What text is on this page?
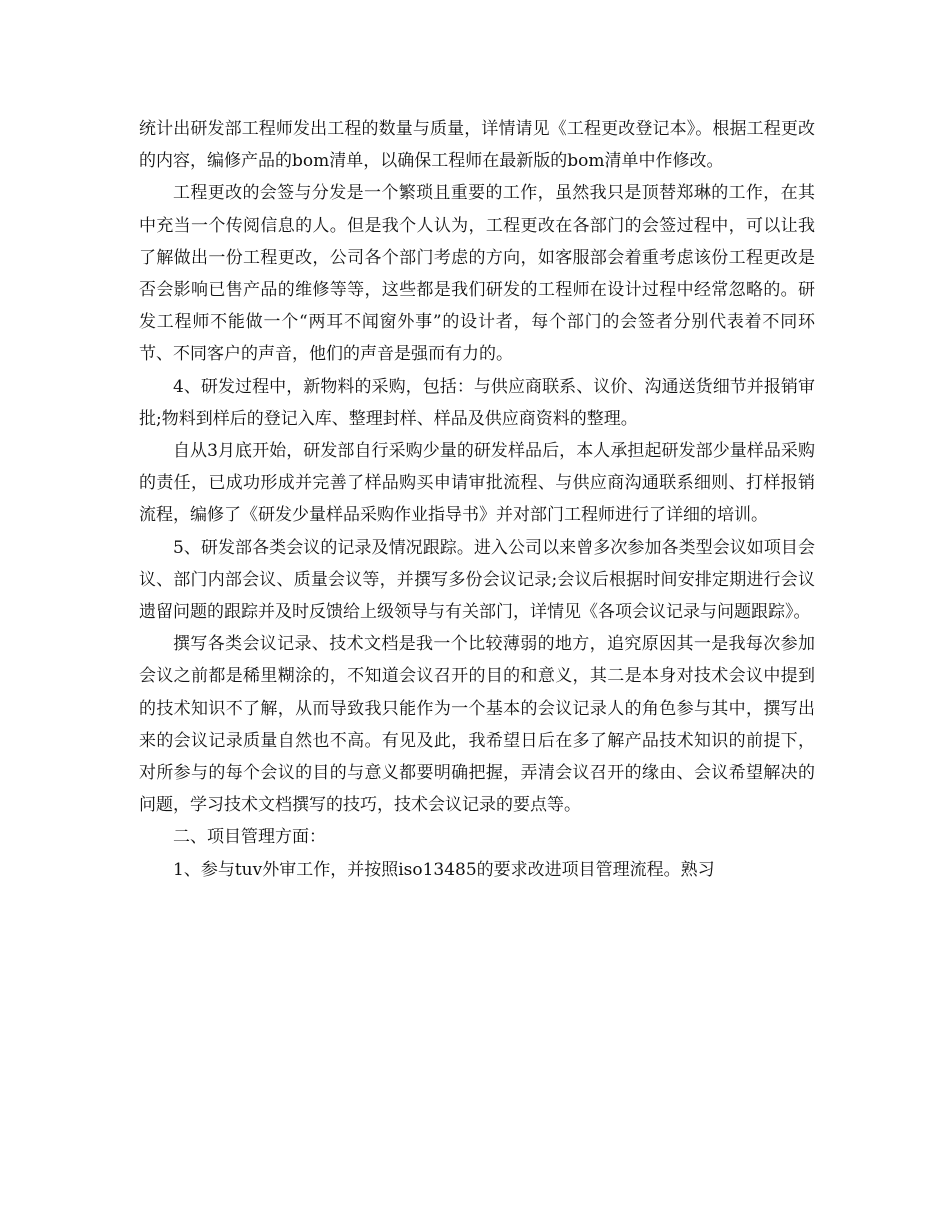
统计出研发部工程师发出工程的数量与质量，详情请见《工程更改登记本》。根据工程更改的内容，编修产品的bom清单，以确保工程师在最新版的bom清单中作修改。

工程更改的会签与分发是一个繁琐且重要的工作，虽然我只是顶替郑琳的工作，在其中充当一个传阅信息的人。但是我个人认为，工程更改在各部门的会签过程中，可以让我了解做出一份工程更改，公司各个部门考虑的方向，如客服部会着重考虑该份工程更改是否会影响已售产品的维修等等，这些都是我们研发的工程师在设计过程中经常忽略的。研发工程师不能做一个“两耳不闻窗外事”的设计者，每个部门的会签者分别代表着不同环节、不同客户的声音，他们的声音是强而有力的。

4、研发过程中，新物料的采购，包括：与供应商联系、议价、沟通送货细节并报销审批;物料到样后的登记入库、整理封样、样品及供应商资料的整理。

自从3月底开始，研发部自行采购少量的研发样品后，本人承担起研发部少量样品采购的责任，已成功形成并完善了样品购买申请审批流程、与供应商沟通联系细则、打样报销流程，编修了《研发少量样品采购作业指导书》并对部门工程师进行了详细的培训。

5、研发部各类会议的记录及情况跟踪。进入公司以来曾多次参加各类型会议如项目会议、部门内部会议、质量会议等，并撰写多份会议记录;会议后根据时间安排定期进行会议遗留问题的跟踪并及时反馈给上级领导与有关部门，详情见《各项会议记录与问题跟踪》。

撰写各类会议记录、技术文档是我一个比较薄弱的地方，追究原因其一是我每次参加会议之前都是稀里糊涂的，不知道会议召开的目的和意义，其二是本身对技术会议中提到的技术知识不了解，从而导致我只能作为一个基本的会议记录人的角色参与其中，撰写出来的会议记录质量自然也不高。有见及此，我希望日后在多了解产品技术知识的前提下，对所参与的每个会议的目的与意义都要明确把握，弄清会议召开的缘由、会议希望解决的问题，学习技术文档撰写的技巧，技术会议记录的要点等。

二、项目管理方面：

1、参与tuv外审工作，并按照iso13485的要求改进项目管理流程。熟习
